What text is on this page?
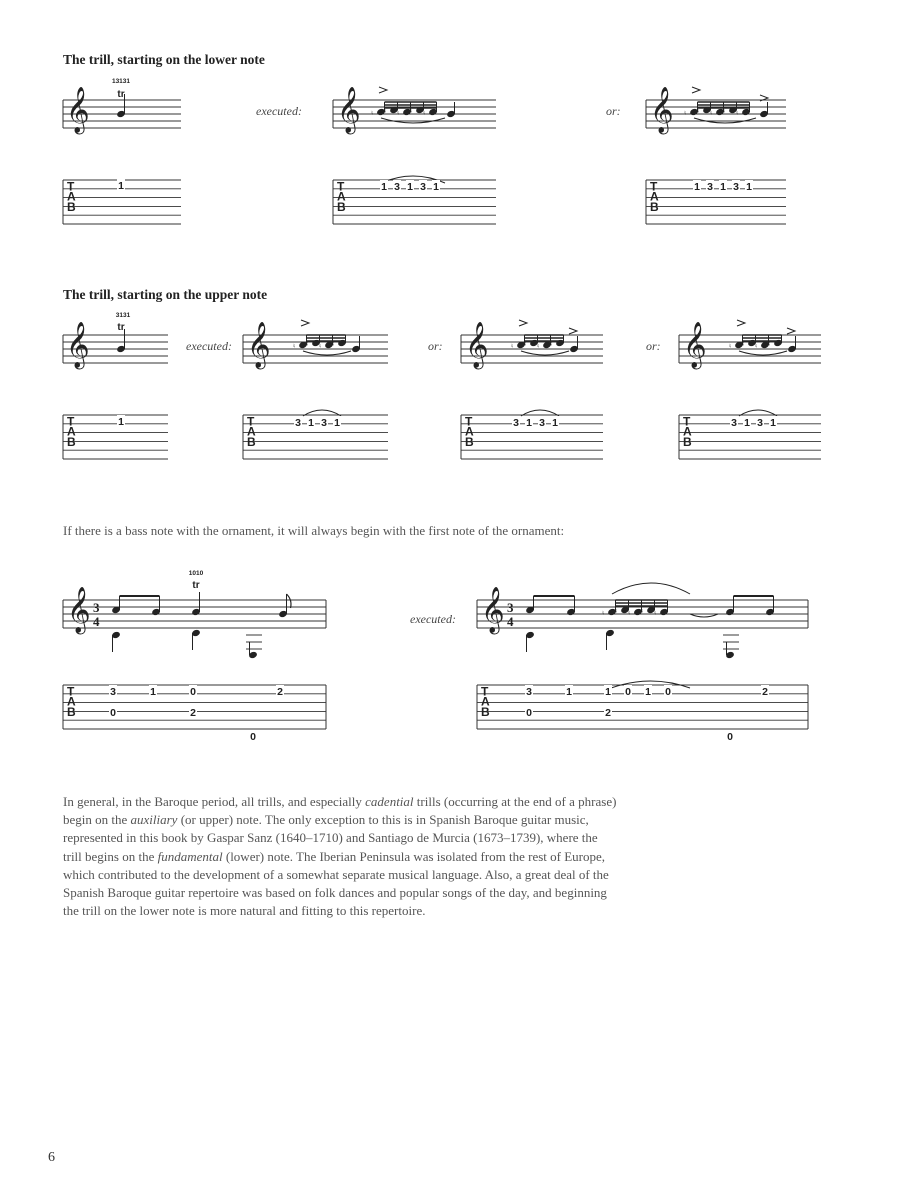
The trill, starting on the lower note
The trill, starting on the upper note
executed:	or:
executed:	or:	or:
If there is a bass note with the ornament, it will always begin with the first note of the ornament:
executed:
In general, in the Baroque period, all trills, and especially cadential trills (occurring at the end of a phrase) begin on the auxiliary (or upper) note. The only exception to this is in Spanish Baroque guitar music, represented in this book by Gaspar Sanz (1640–1710) and Santiago de Murcia (1673–1739), where the trill begins on the fundamental (lower) note. The Iberian Peninsula was isolated from the rest of Europe, which contributed to the development of a somewhat separate musical language. Also, a great deal of the Spanish Baroque guitar repertoire was based on folk dances and popular songs of the day, and beginning the trill on the lower note is more natural and fitting to this repertoire.
6
𝄞
13131
tr
T
A
B
1
𝄞 ♮ ♮ ♮ ♮ ♮
T
A
B
1 3 1 3 1
𝄞 ♮ ♮ ♮ ♮ ♮
T
A
B
1 3 1 3 1
𝄞
3131
tr
T
A
B
1
𝄞	♮ ♮ ♮ ♮
T
A
B
3 1 3 1
𝄞	♮ ♮ ♮ ♮
T
A
B
3 1 3 1
𝄞	♮ ♮ ♮ ♮
T
A
B
3 1 3 1
𝄞 3
4
1010
tr
T
A
B
3	1	0	2
0	2
0
𝄞 3
4
♮ ♮ ♮ ♮ ♮
T
A
B
3	1	1 0 1 0	2
0	2
0
